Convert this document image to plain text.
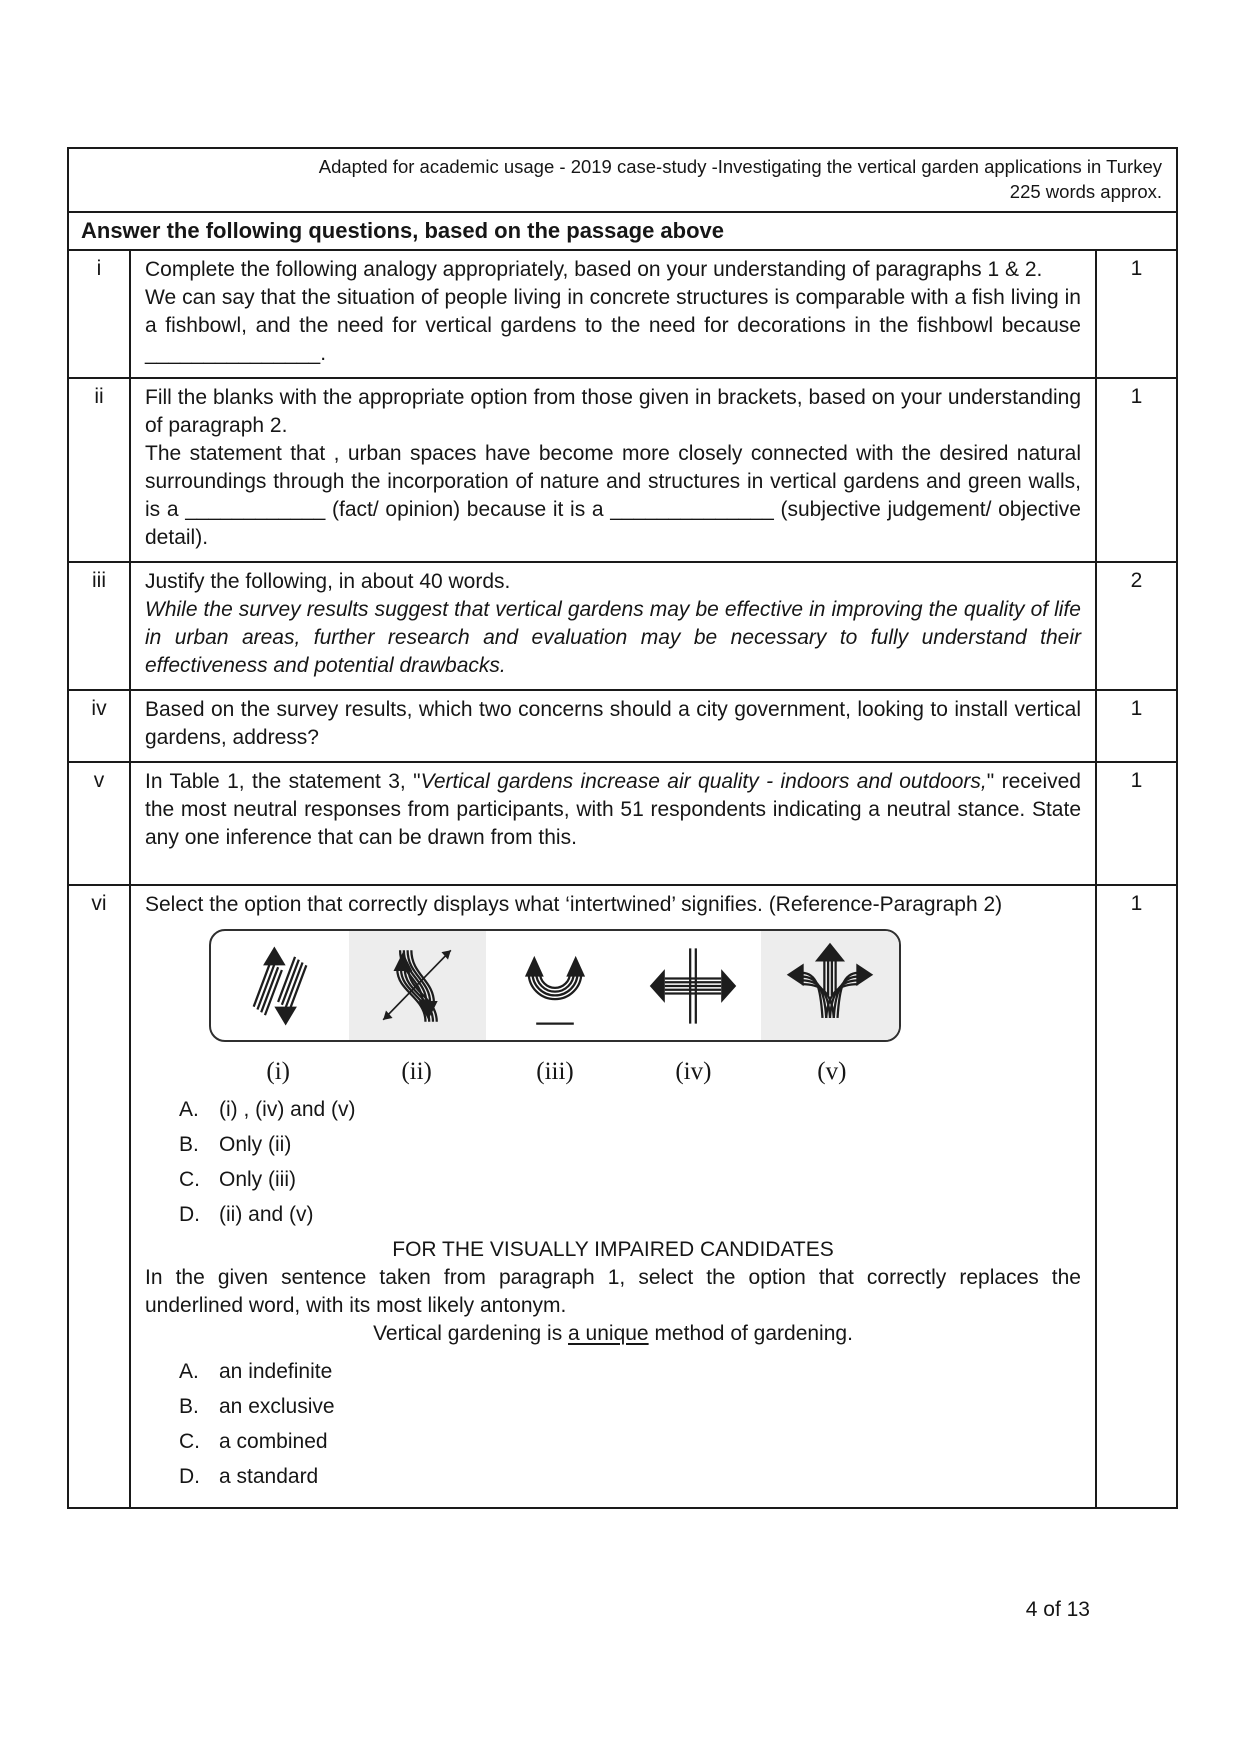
Adapted for academic usage - 2019 case-study -Investigating the vertical garden applications in Turkey
225 words approx.
Answer the following questions, based on the passage above
i	Complete the following analogy appropriately, based on your understanding of paragraphs 1 & 2.

We can say that the situation of people living in concrete structures is comparable with a fish living in a fishbowl, and the need for vertical gardens to the need for decorations in the fishbowl because _______________.

1
ii	Fill the blanks with the appropriate option from those given in brackets, based on your understanding of paragraph 2.

The statement that , urban spaces have become more closely connected with the desired natural surroundings through the incorporation of nature and structures in vertical gardens and green walls, is a ____________ (fact/ opinion) because it is a ______________ (subjective judgement/ objective detail).

1
iii	Justify the following, in about 40 words.

While the survey results suggest that vertical gardens may be effective in improving the quality of life in urban areas, further research and evaluation may be necessary to fully understand their effectiveness and potential drawbacks.

2
iv	Based on the survey results, which two concerns should a city government, looking to install vertical gardens, address?

1
v	In Table 1, the statement 3, "Vertical gardens increase air quality - indoors and outdoors," received the most neutral responses from participants, with 51 respondents indicating a neutral stance. State any one inference that can be drawn from this.

1
vi	Select the option that correctly displays what ‘intertwined’ signifies. (Reference-Paragraph 2)

(i)	(ii)	(iii)	(iv)	(v)
A. (i) , (iv) and (v)
B. Only (ii)
C. Only (iii)
D. (ii) and (v)

FOR THE VISUALLY IMPAIRED CANDIDATES

In the given sentence taken from paragraph 1, select the option that correctly replaces the underlined word, with its most likely antonym.

Vertical gardening is a unique method of gardening.

A. an indefinite
B. an exclusive
C. a combined
D. a standard
1
4 of 13
